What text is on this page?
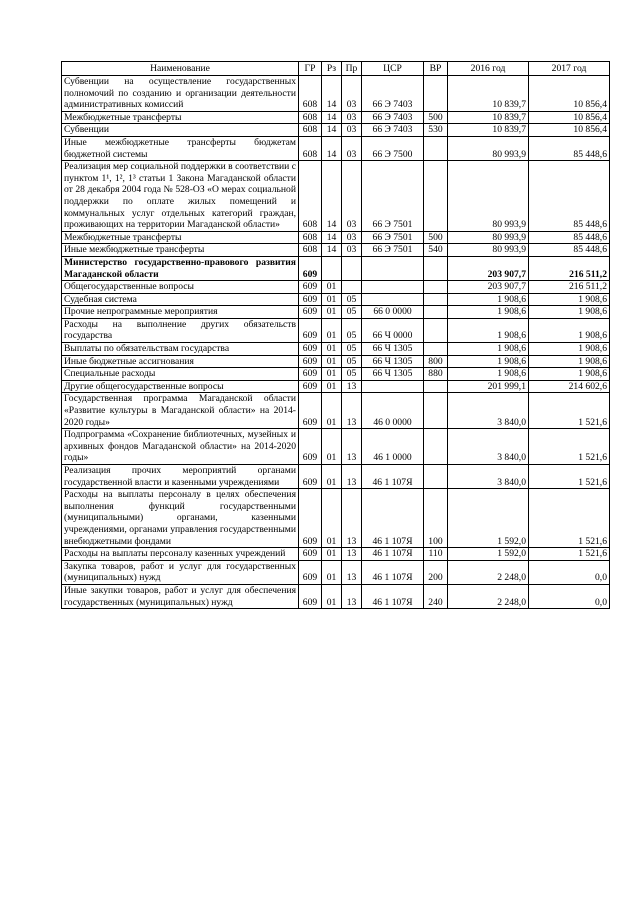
Наименование	ГР	Рз	Пр	ЦСР	ВР	2016 год	2017 год
Субвенции на осуществление государственных полномочий по созданию и организации деятельности административных комиссий	608	14	03	66 Э 7403		10 839,7	10 856,4
Межбюджетные трансферты	608	14	03	66 Э 7403	500	10 839,7	10 856,4
Субвенции	608	14	03	66 Э 7403	530	10 839,7	10 856,4
Иные межбюджетные трансферты бюджетам бюджетной системы	608	14	03	66 Э 7500		80 993,9	85 448,6
Реализация мер социальной поддержки в соответствии с пунктом 1¹, 1², 1³ статьи 1 Закона Магаданской области от 28 декабря 2004 года № 528-ОЗ «О мерах социальной поддержки по оплате жилых помещений и коммунальных услуг отдельных категорий граждан, проживающих на территории Магаданской области»	608	14	03	66 Э 7501		80 993,9	85 448,6
Межбюджетные трансферты	608	14	03	66 Э 7501	500	80 993,9	85 448,6
Иные межбюджетные трансферты	608	14	03	66 Э 7501	540	80 993,9	85 448,6
Министерство государственно-правового развития Магаданской области	609					203 907,7	216 511,2
Общегосударственные вопросы	609	01				203 907,7	216 511,2
Судебная система	609	01	05			1 908,6	1 908,6
Прочие непрограммные мероприятия	609	01	05	66 0 0000		1 908,6	1 908,6
Расходы на выполнение других обязательств государства	609	01	05	66 Ч 0000		1 908,6	1 908,6
Выплаты по обязательствам государства	609	01	05	66 Ч 1305		1 908,6	1 908,6
Иные бюджетные ассигнования	609	01	05	66 Ч 1305	800	1 908,6	1 908,6
Специальные расходы	609	01	05	66 Ч 1305	880	1 908,6	1 908,6
Другие общегосударственные вопросы	609	01	13			201 999,1	214 602,6
Государственная программа Магаданской области «Развитие культуры в Магаданской области» на 2014-2020 годы»	609	01	13	46 0 0000		3 840,0	1 521,6
Подпрограмма «Сохранение библиотечных, музейных и архивных фондов Магаданской области» на 2014-2020 годы»	609	01	13	46 1 0000		3 840,0	1 521,6
Реализация прочих мероприятий органами государственной власти и казенными учреждениями	609	01	13	46 1 107Я		3 840,0	1 521,6
Расходы на выплаты персоналу в целях обеспечения выполнения функций государственными (муниципальными) органами, казенными учреждениями, органами управления государственными внебюджетными фондами	609	01	13	46 1 107Я	100	1 592,0	1 521,6
Расходы на выплаты персоналу казенных учреждений	609	01	13	46 1 107Я	110	1 592,0	1 521,6
Закупка товаров, работ и услуг для государственных (муниципальных) нужд	609	01	13	46 1 107Я	200	2 248,0	0,0
Иные закупки товаров, работ и услуг для обеспечения государственных (муниципальных) нужд	609	01	13	46 1 107Я	240	2 248,0	0,0
